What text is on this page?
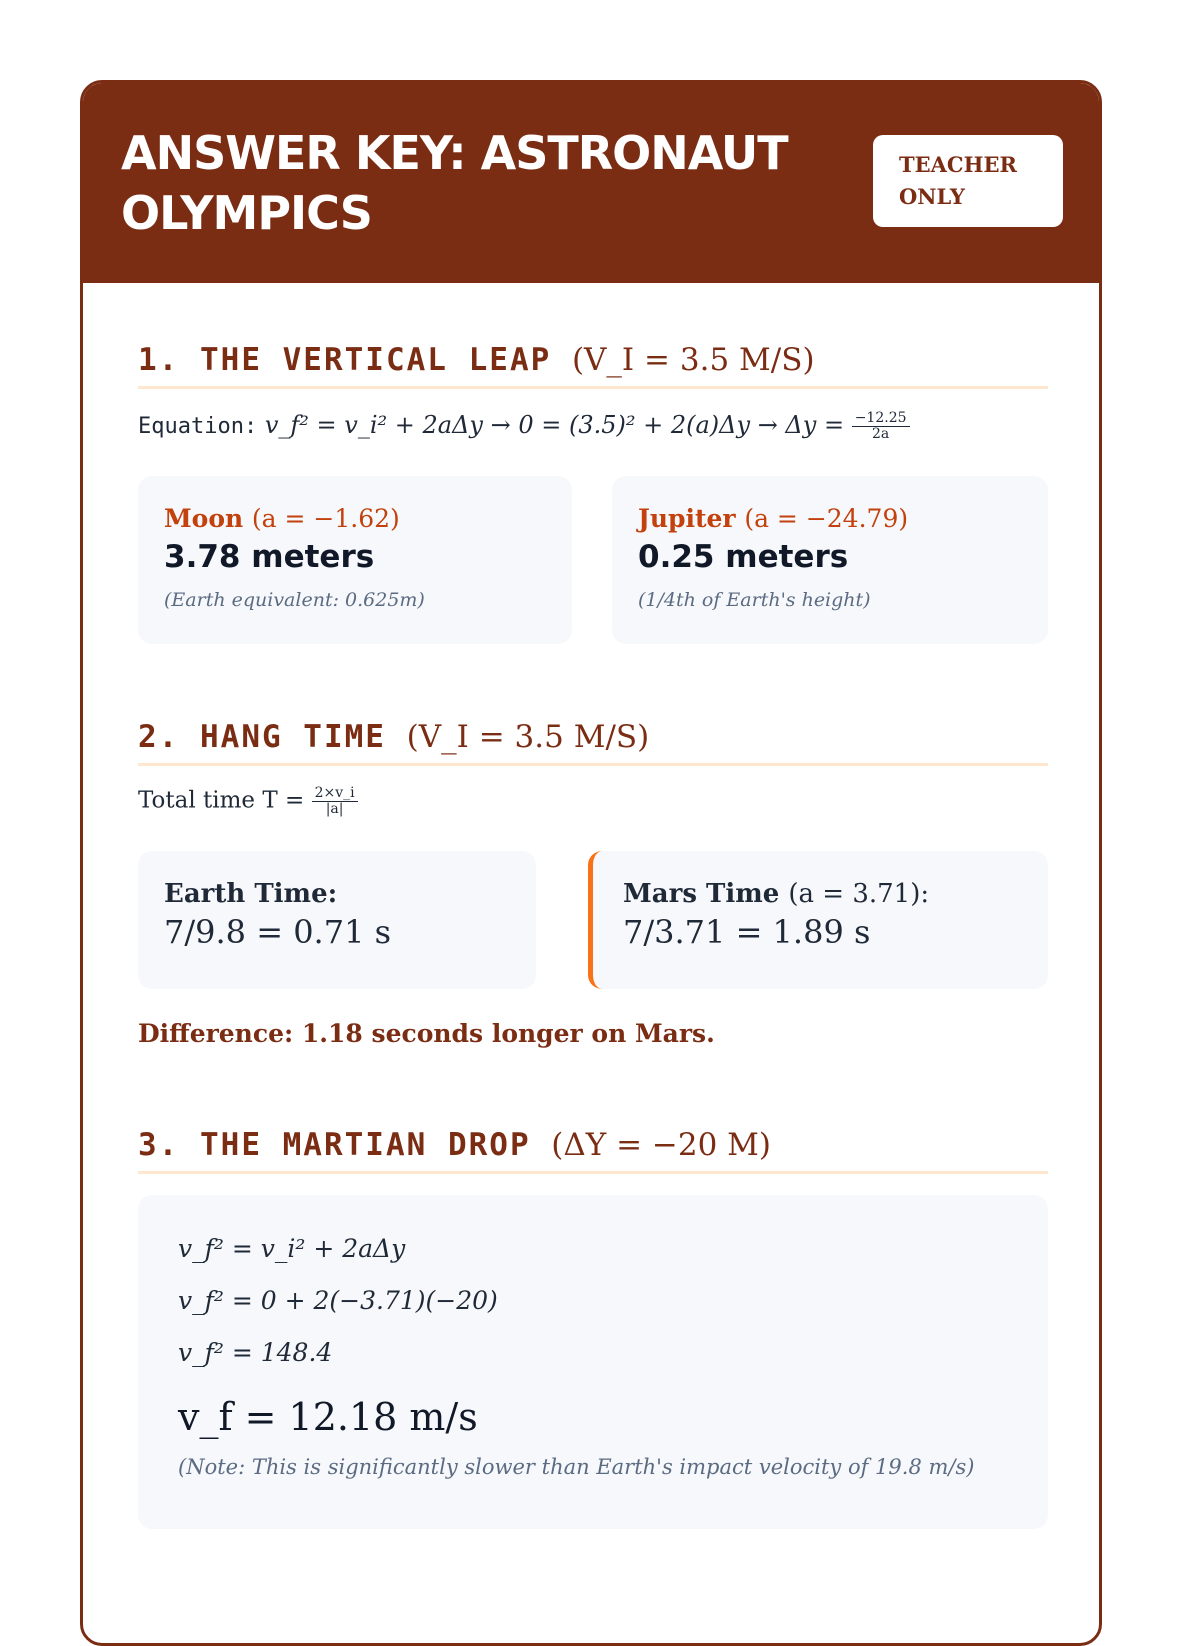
ANSWER KEY: ASTRONAUT OLYMPICS
TEACHER ONLY
1. THE VERTICAL LEAP (V_I = 3.5 M/S)
Equation: v_f² = v_i² + $2a\Delta y \to 0 = (3.5)^2 + 2(a)\Delta y \to \Delta y = \frac{-12.25}{2a}$
Moon (a = −1.62)
3.78 meters
(Earth equivalent: 0.625m)
Jupiter (a = −24.79)
0.25 meters
(1/4th of Earth's height)
2. HANG TIME (V_I = 3.5 M/S)
Total time $T = \frac{2\times v\_i}{|a|}$
Earth Time:
7/9.8 = 0.71 s
Mars Time (a = 3.71):
7/3.71 = 1.89 s
Difference: 1.18 seconds longer on Mars.
3. THE MARTIAN DROP (ΔY = −20 M)
v_f² = v_i² + 2aΔy
v_f² = 0 + 2(−3.71)(−20)
v_f² = 148.4
v_f = 12.18 m/s
(Note: This is significantly slower than Earth's impact velocity of 19.8 m/s)
